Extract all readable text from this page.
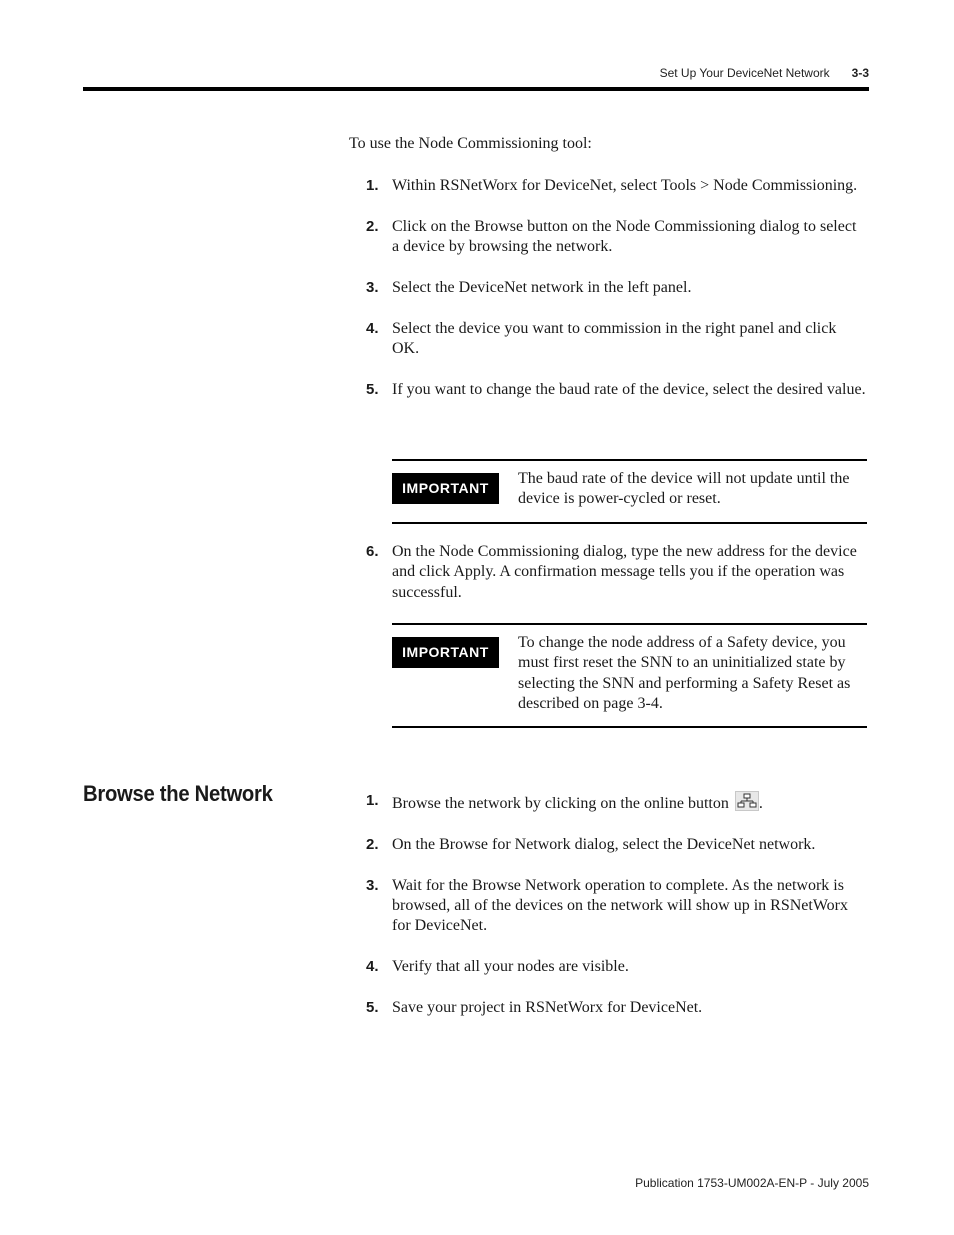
Set Up Your DeviceNet Network 3-3
To use the Node Commissioning tool:
1. Within RSNetWorx for DeviceNet, select Tools > Node Commissioning.
2. Click on the Browse button on the Node Commissioning dialog to select a device by browsing the network.
3. Select the DeviceNet network in the left panel.
4. Select the device you want to commission in the right panel and click OK.
5. If you want to change the baud rate of the device, select the desired value.
IMPORTANT
The baud rate of the device will not update until the device is power-cycled or reset.
6. On the Node Commissioning dialog, type the new address for the device and click Apply. A confirmation message tells you if the operation was successful.
IMPORTANT
To change the node address of a Safety device, you must first reset the SNN to an uninitialized state by selecting the SNN and performing a Safety Reset as described on page 3-4.
Browse the Network	1. Browse the network by clicking on the online button .
2. On the Browse for Network dialog, select the DeviceNet network.
3. Wait for the Browse Network operation to complete. As the network is browsed, all of the devices on the network will show up in RSNetWorx for DeviceNet.
4. Verify that all your nodes are visible.
5. Save your project in RSNetWorx for DeviceNet.
Publication 1753-UM002A-EN-P - July 2005
